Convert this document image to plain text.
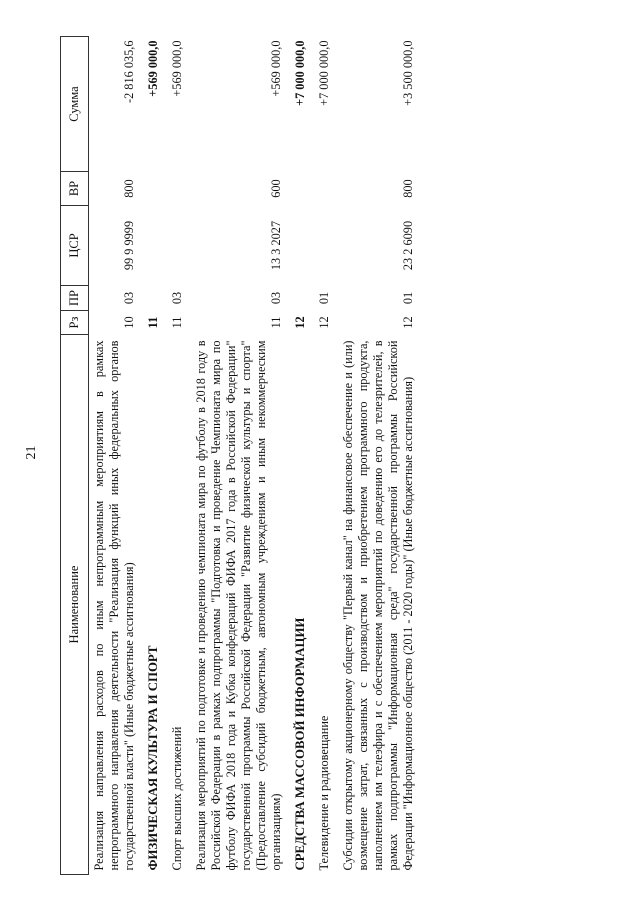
21
Наименование	Рз	ПР	ЦСР	ВР	Сумма
Реализация направления расходов по иным непрограммным мероприятиям в рамках непрограммного направления деятельности "Реализация функций иных федеральных органов государственной власти" (Иные бюджетные ассигнования)	10	03	99 9 9999	800	-2 816 035,6
ФИЗИЧЕСКАЯ КУЛЬТУРА И СПОРТ	11				+569 000,0
Спорт высших достижений	11	03			+569 000,0
Реализация мероприятий по подготовке и проведению чемпионата мира по футболу в 2018 году в Российской Федерации в рамках подпрограммы "Подготовка и проведение Чемпионата мира по футболу ФИФА 2018 года и Кубка конфедераций ФИФА 2017 года в Российской Федерации" государственной программы Российской Федерации "Развитие физической культуры и спорта" (Предоставление субсидий бюджетным, автономным учреждениям и иным некоммерческим организациям)	11	03	13 3 2027	600	+569 000,0
СРЕДСТВА МАССОВОЙ ИНФОРМАЦИИ	12				+7 000 000,0
Телевидение и радиовещание	12	01			+7 000 000,0
Субсидии открытому акционерному обществу "Первый канал" на финансовое обеспечение и (или) возмещение затрат, связанных с производством и приобретением программного продукта, наполнением им телеэфира и с обеспечением мероприятий по доведению его до телезрителей, в рамках подпрограммы "Информационная среда" государственной программы Российской Федерации "Информационное общество (2011 - 2020 годы)" (Иные бюджетные ассигнования)	12	01	23 2 6090	800	+3 500 000,0
